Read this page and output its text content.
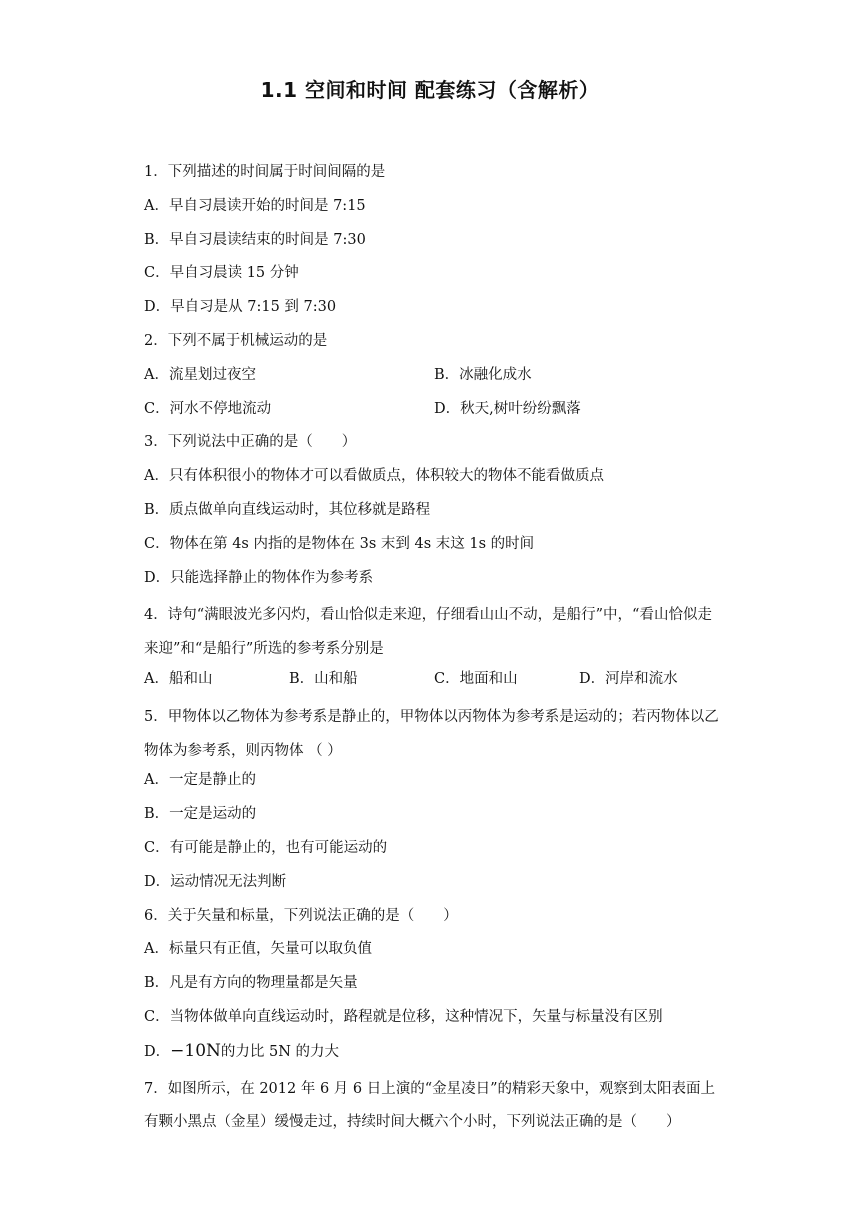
1.1 空间和时间 配套练习（含解析）
1．下列描述的时间属于时间间隔的是
A．早自习晨读开始的时间是 7:15
B．早自习晨读结束的时间是 7:30
C．早自习晨读 15 分钟
D．早自习是从 7:15 到 7:30
2．下列不属于机械运动的是
A．流星划过夜空	B．冰融化成水
C．河水不停地流动	D．秋天,树叶纷纷飘落
3．下列说法中正确的是（　　）
A．只有体积很小的物体才可以看做质点，体积较大的物体不能看做质点
B．质点做单向直线运动时，其位移就是路程
C．物体在第 4s 内指的是物体在 3s 末到 4s 末这 1s 的时间
D．只能选择静止的物体作为参考系
4．诗句“满眼波光多闪灼，看山恰似走来迎，仔细看山山不动，是船行”中，“看山恰似走来迎”和“是船行”所选的参考系分别是
A．船和山	B．山和船	C．地面和山	D．河岸和流水
5．甲物体以乙物体为参考系是静止的，甲物体以丙物体为参考系是运动的；若丙物体以乙物体为参考系，则丙物体 （ ）
A．一定是静止的
B．一定是运动的
C．有可能是静止的，也有可能运动的
D．运动情况无法判断
6．关于矢量和标量，下列说法正确的是（　　）
A．标量只有正值，矢量可以取负值
B．凡是有方向的物理量都是矢量
C．当物体做单向直线运动时，路程就是位移，这种情况下，矢量与标量没有区别
D．−10N的力比 5N 的力大
7．如图所示，在 2012 年 6 月 6 日上演的“金星凌日”的精彩天象中，观察到太阳表面上有颗小黑点（金星）缓慢走过，持续时间大概六个小时，下列说法正确的是（　　）
